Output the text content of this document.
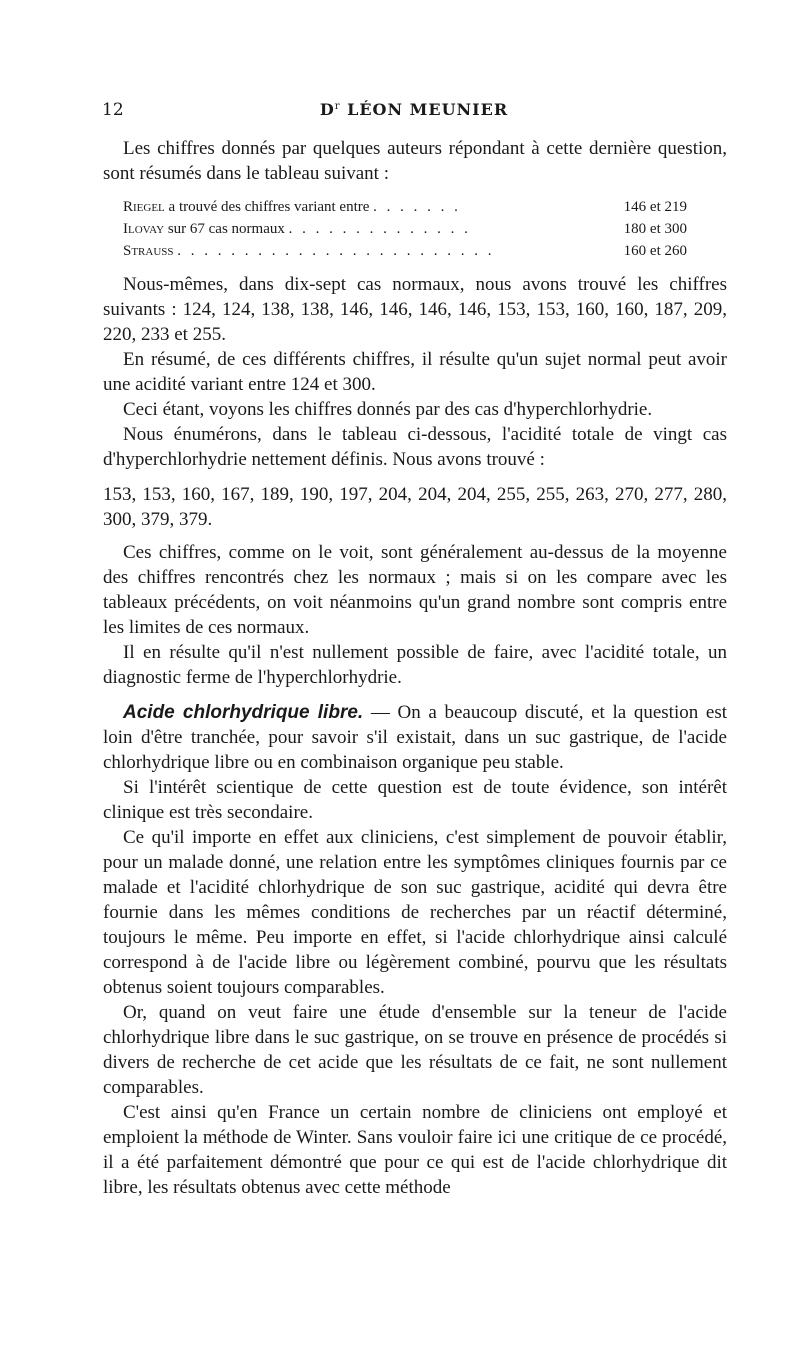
12	$D^r$ LÉON MEUNIER

Les chiffres donnés par quelques auteurs répondant à cette dernière question, sont résumés dans le tableau suivant :

Riegel a trouvé des chiffres variant entre . . . . . . .	146 et 219
Ilovay sur 67 cas normaux . . . . . . . . . . . . . .	180 et 300
Strauss . . . . . . . . . . . . . . . . . . . . . . . .	160 et 260

Nous-mêmes, dans dix-sept cas normaux, nous avons trouvé les chiffres suivants : 124, 124, 138, 138, 146, 146, 146, 146, 153, 153, 160, 160, 187, 209, 220, 233 et 255.

En résumé, de ces différents chiffres, il résulte qu'un sujet normal peut avoir une acidité variant entre 124 et 300.

Ceci étant, voyons les chiffres donnés par des cas d'hyperchlorhydrie.

Nous énumérons, dans le tableau ci-dessous, l'acidité totale de vingt cas d'hyperchlorhydrie nettement définis. Nous avons trouvé :

153, 153, 160, 167, 189, 190, 197, 204, 204, 204, 255, 255, 263, 270, 277, 280, 300, 379, 379.

Ces chiffres, comme on le voit, sont généralement au-dessus de la moyenne des chiffres rencontrés chez les normaux ; mais si on les compare avec les tableaux précédents, on voit néanmoins qu'un grand nombre sont compris entre les limites de ces normaux.

Il en résulte qu'il n'est nullement possible de faire, avec l'acidité totale, un diagnostic ferme de l'hyperchlorhydrie.

Acide chlorhydrique libre. — On a beaucoup discuté, et la question est loin d'être tranchée, pour savoir s'il existait, dans un suc gastrique, de l'acide chlorhydrique libre ou en combinaison organique peu stable.

Si l'intérêt scientique de cette question est de toute évidence, son intérêt clinique est très secondaire.

Ce qu'il importe en effet aux cliniciens, c'est simplement de pouvoir établir, pour un malade donné, une relation entre les symptômes cliniques fournis par ce malade et l'acidité chlorhydrique de son suc gastrique, acidité qui devra être fournie dans les mêmes conditions de recherches par un réactif déterminé, toujours le même. Peu importe en effet, si l'acide chlorhydrique ainsi calculé correspond à de l'acide libre ou légèrement combiné, pourvu que les résultats obtenus soient toujours comparables.

Or, quand on veut faire une étude d'ensemble sur la teneur de l'acide chlorhydrique libre dans le suc gastrique, on se trouve en présence de procédés si divers de recherche de cet acide que les résultats de ce fait, ne sont nullement comparables.

C'est ainsi qu'en France un certain nombre de cliniciens ont employé et emploient la méthode de Winter. Sans vouloir faire ici une critique de ce procédé, il a été parfaitement démontré que pour ce qui est de l'acide chlorhydrique dit libre, les résultats obtenus avec cette méthode
